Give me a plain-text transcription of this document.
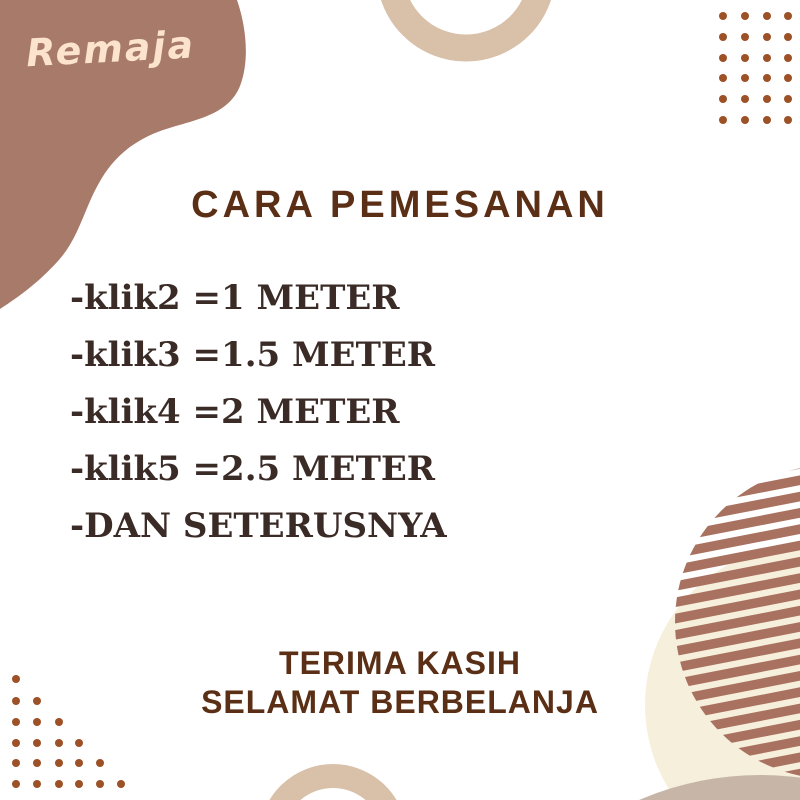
Remaja
CARA PEMESANAN
-klik2 =1 METER
-klik3 =1.5 METER
-klik4 =2 METER
-klik5 =2.5 METER
-DAN SETERUSNYA
TERIMA KASIH
SELAMAT BERBELANJA
